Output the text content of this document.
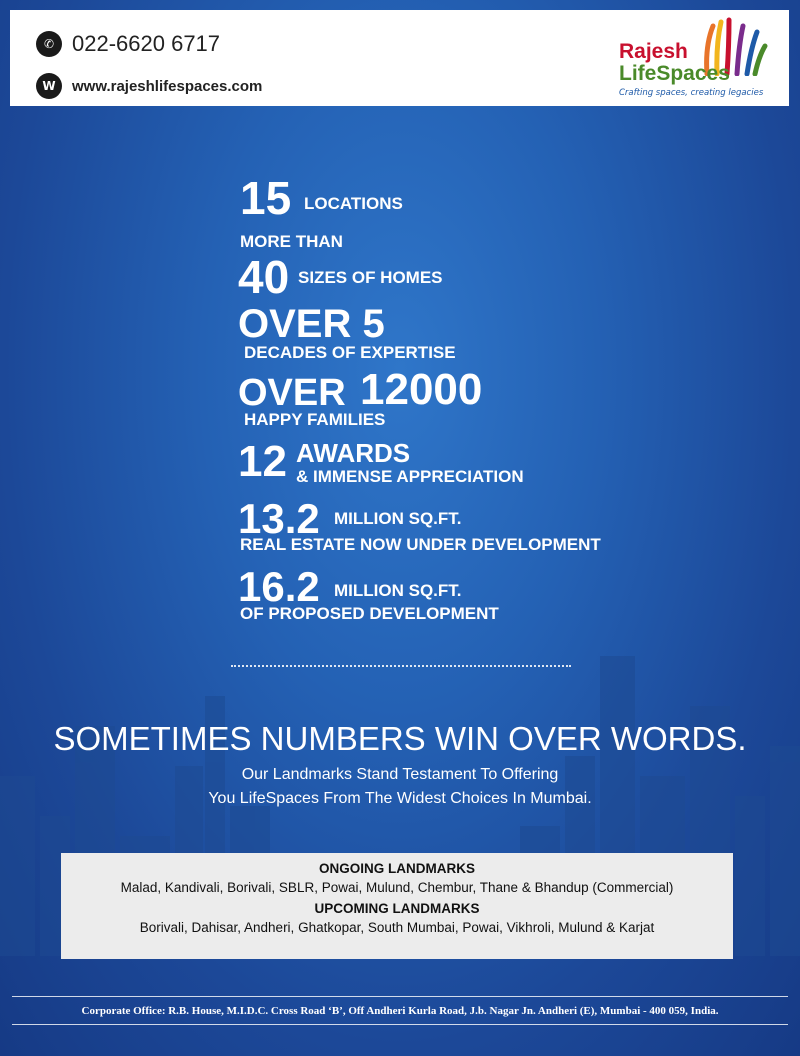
✆ 022-6620 6717
W	www.rajeshlifespaces.com
Rajesh
LifeSpaces
Crafting spaces, creating legacies
15 LOCATIONS
MORE THAN
40 SIZES OF HOMES
OVER 5
DECADES OF EXPERTISE
OVER 12000
HAPPY FAMILIES
12 AWARDS
& IMMENSE APPRECIATION
13.2 MILLION SQ.FT.
REAL ESTATE NOW UNDER DEVELOPMENT
16.2 MILLION SQ.FT.
OF PROPOSED DEVELOPMENT
SOMETIMES NUMBERS WIN OVER WORDS.
Our Landmarks Stand Testament To Offering
You LifeSpaces From The Widest Choices In Mumbai.
ONGOING LANDMARKS
Malad, Kandivali, Borivali, SBLR, Powai, Mulund, Chembur, Thane & Bhandup (Commercial)
UPCOMING LANDMARKS
Borivali, Dahisar, Andheri, Ghatkopar, South Mumbai, Powai, Vikhroli, Mulund & Karjat
Corporate Office: R.B. House, M.I.D.C. Cross Road ‘B’, Off Andheri Kurla Road, J.b. Nagar Jn. Andheri (E), Mumbai - 400 059, India.
